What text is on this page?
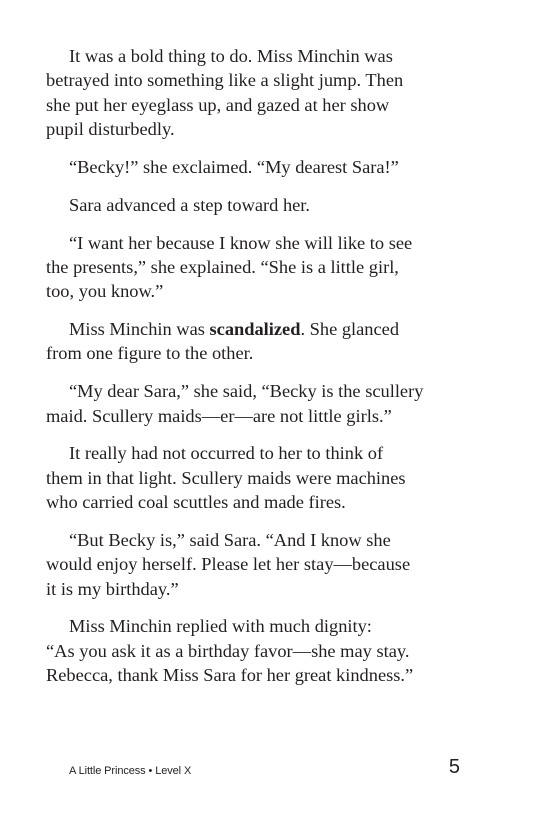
It was a bold thing to do. Miss Minchin was
betrayed into something like a slight jump. Then
she put her eyeglass up, and gazed at her show
pupil disturbedly.

“Becky!” she exclaimed. “My dearest Sara!”

Sara advanced a step toward her.

“I want her because I know she will like to see
the presents,” she explained. “She is a little girl,
too, you know.”

Miss Minchin was scandalized. She glanced
from one figure to the other.

“My dear Sara,” she said, “Becky is the scullery
maid. Scullery maids—er—are not little girls.”

It really had not occurred to her to think of
them in that light. Scullery maids were machines
who carried coal scuttles and made fires.

“But Becky is,” said Sara. “And I know she
would enjoy herself. Please let her stay—because
it is my birthday.”

Miss Minchin replied with much dignity:
“As you ask it as a birthday favor—she may stay.
Rebecca, thank Miss Sara for her great kindness.”

A Little Princess • Level X	5
